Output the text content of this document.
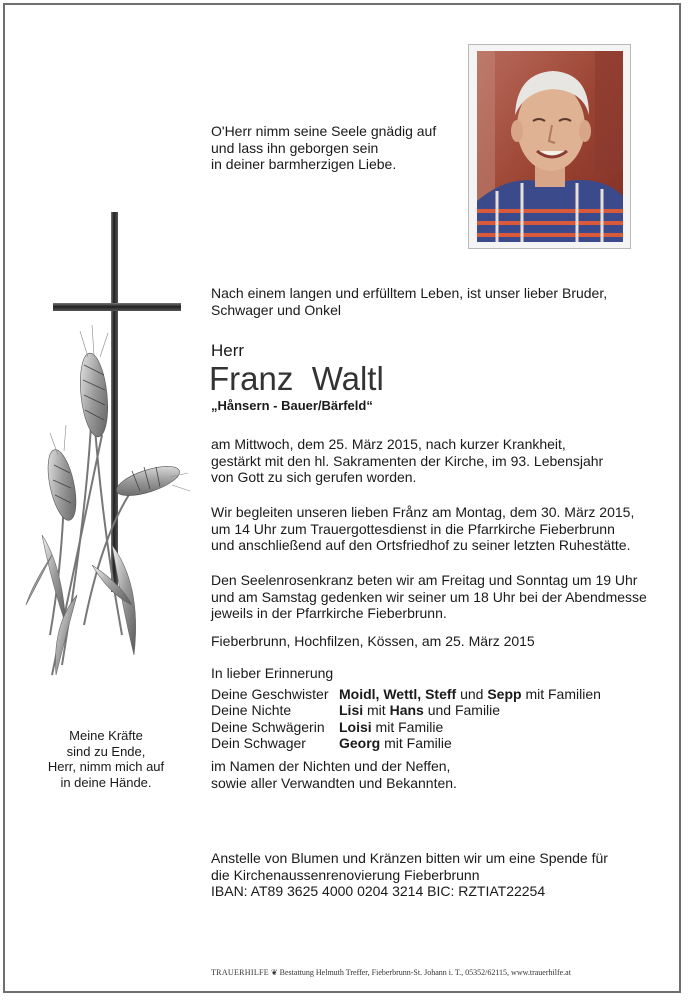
O'Herr nimm seine Seele gnädig auf
und lass ihn geborgen sein
in deiner barmherzigen Liebe.
Meine Kräfte
sind zu Ende,
Herr, nimm mich auf
in deine Hände.
Nach einem langen und erfülltem Leben, ist unser lieber Bruder,
Schwager und Onkel
Herr
Franz  Waltl
„Hånsern - Bauer/Bärfeld“
am Mittwoch, dem 25. März 2015, nach kurzer Krankheit,
gestärkt mit den hl. Sakramenten der Kirche, im 93. Lebensjahr
von Gott zu sich gerufen worden.
Wir begleiten unseren lieben Frånz am Montag, dem 30. März 2015,
um 14 Uhr zum Trauergottesdienst in die Pfarrkirche Fieberbrunn
und anschließend auf den Ortsfriedhof zu seiner letzten Ruhestätte.
Den Seelenrosenkranz beten wir am Freitag und Sonntag um 19 Uhr
und am Samstag gedenken wir seiner um 18 Uhr bei der Abendmesse
jeweils in der Pfarrkirche Fieberbrunn.
Fieberbrunn, Hochfilzen, Kössen, am 25. März 2015
In lieber Erinnerung
Deine Geschwister Moidl, Wettl, Steff und Sepp mit Familien
Deine Nichte	Lisi mit Hans und Familie
Deine Schwägerin	Loisi mit Familie
Dein Schwager	Georg mit Familie
im Namen der Nichten und der Neffen,
sowie aller Verwandten und Bekannten.
Anstelle von Blumen und Kränzen bitten wir um eine Spende für
die Kirchenaussenrenovierung Fieberbrunn
IBAN: AT89 3625 4000 0204 3214 BIC: RZTIAT22254
TRAUERHILFE ❦ Bestattung Helmuth Treffer, Fieberbrunn-St. Johann i. T., 05352/62115, www.trauerhilfe.at
